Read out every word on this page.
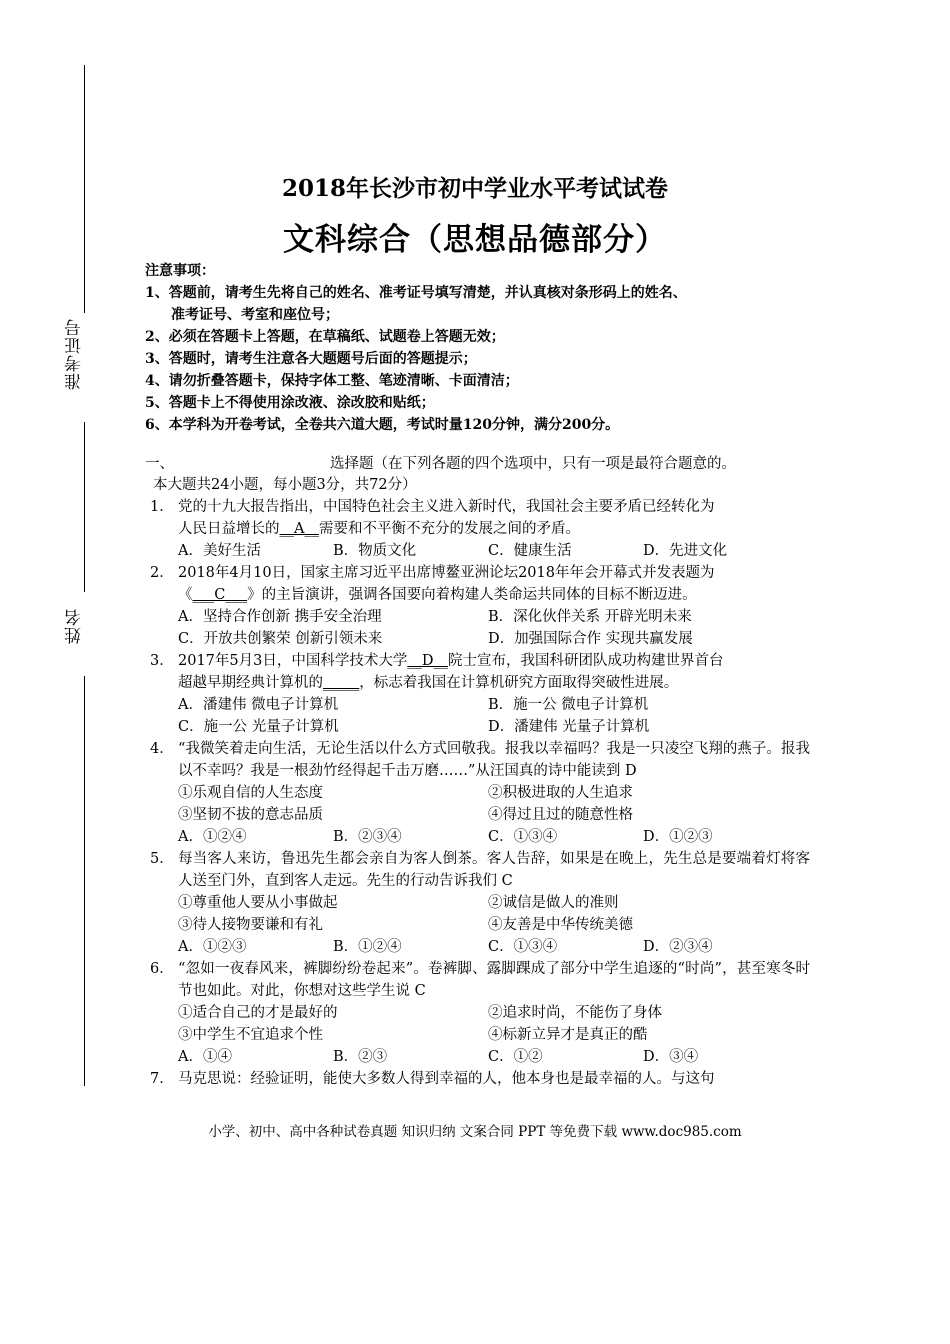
准考证号
姓名
2018年长沙市初中学业水平考试试卷
文科综合（思想品德部分）
注意事项：
1、答题前，请考生先将自己的姓名、准考证号填写清楚，并认真核对条形码上的姓名、
准考证号、考室和座位号；
2、必须在答题卡上答题，在草稿纸、试题卷上答题无效；
3、答题时，请考生注意各大题题号后面的答题提示；
4、请勿折叠答题卡，保持字体工整、笔迹清晰、卡面清洁；
5、答题卡上不得使用涂改液、涂改胶和贴纸；
6、本学科为开卷考试，全卷共六道大题，考试时量120分钟，满分200分。
一、	选择题（在下列各题的四个选项中，只有一项是最符合题意的。
本大题共24小题，每小题3分，共72分）
1． 党的十九大报告指出，中国特色社会主义进入新时代，我国社会主要矛盾已经转化为
人民日益增长的__A__需要和不平衡不充分的发展之间的矛盾。
A．美好生活	B．物质文化	C．健康生活	D．先进文化
2． 2018年4月10日，国家主席习近平出席博鳌亚洲论坛2018年年会开幕式并发表题为
《___C___》的主旨演讲，强调各国要向着构建人类命运共同体的目标不断迈进。
A．坚持合作创新 携手安全治理	B．深化伙伴关系 开辟光明未来
C．开放共创繁荣 创新引领未来	D．加强国际合作 实现共赢发展
3． 2017年5月3日，中国科学技术大学__D__院士宣布，我国科研团队成功构建世界首台
超越早期经典计算机的_____，标志着我国在计算机研究方面取得突破性进展。
A．潘建伟 微电子计算机	B．施一公 微电子计算机
C．施一公 光量子计算机	D．潘建伟 光量子计算机
4． “我微笑着走向生活，无论生活以什么方式回敬我。报我以幸福吗？我是一只凌空飞翔的燕子。报我以不幸吗？我是一根劲竹经得起千击万磨……”从汪国真的诗中能读到 D
①乐观自信的人生态度	②积极进取的人生追求
③坚韧不拔的意志品质	④得过且过的随意性格
A．①②④	B．②③④	C．①③④	D．①②③
5． 每当客人来访，鲁迅先生都会亲自为客人倒茶。客人告辞，如果是在晚上，先生总是要端着灯将客人送至门外，直到客人走远。先生的行动告诉我们 C
①尊重他人要从小事做起	②诚信是做人的准则
③待人接物要谦和有礼	④友善是中华传统美德
A．①②③	B．①②④	C．①③④	D．②③④
6． “忽如一夜春风来，裤脚纷纷卷起来”。卷裤脚、露脚踝成了部分中学生追逐的“时尚”，甚至寒冬时节也如此。对此，你想对这些学生说 C
①适合自己的才是最好的	②追求时尚，不能伤了身体
③中学生不宜追求个性	④标新立异才是真正的酷
A．①④	B．②③	C．①②	D．③④
7． 马克思说：经验证明，能使大多数人得到幸福的人，他本身也是最幸福的人。与这句
小学、初中、高中各种试卷真题 知识归纳 文案合同 PPT 等免费下载 www.doc985.com
